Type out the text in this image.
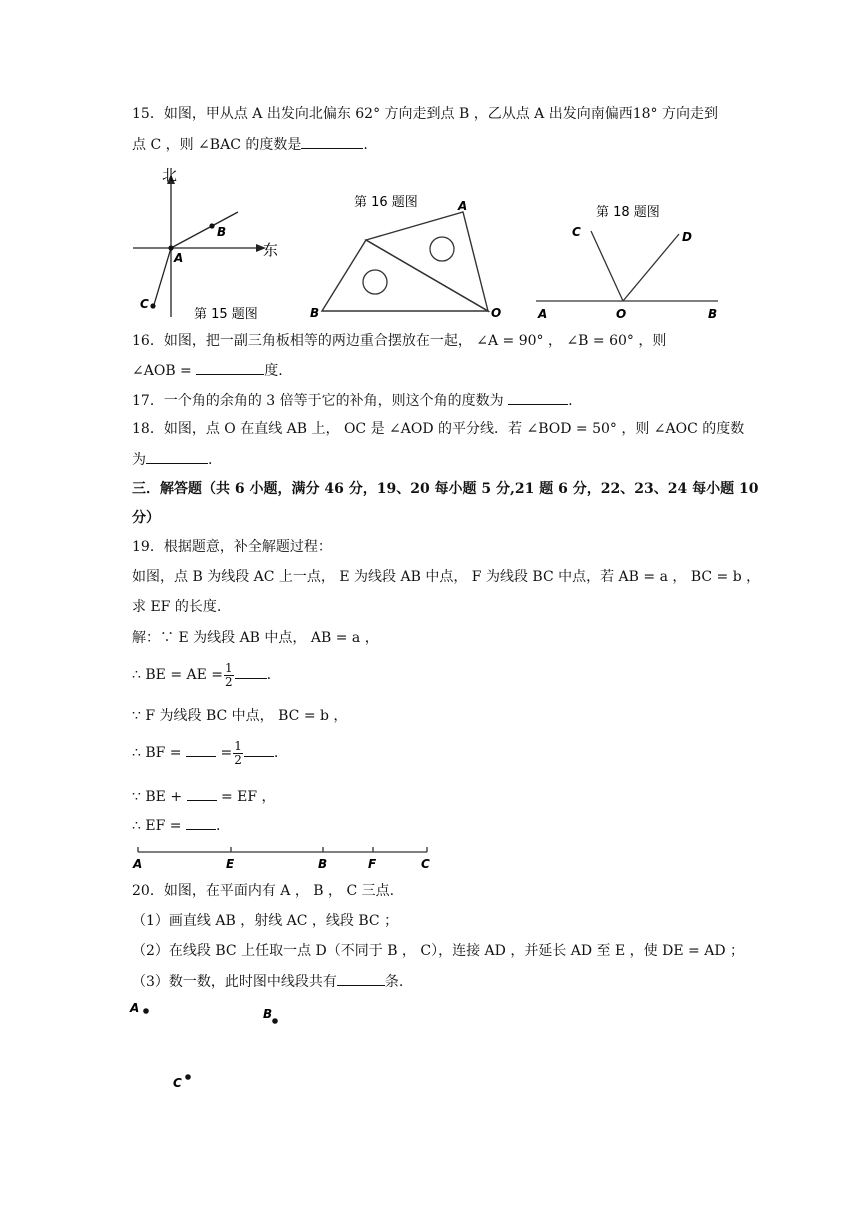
15．如图，甲从点 A 出发向北偏东 62° 方向走到点 B ，乙从点 A 出发向南偏西18° 方向走到
点 C ，则 ∠BAC 的度数是	.
北
东
A
B
C
第 15 题图
第 16 题图	A
B	O
第 18 题图
C	D
A	O	B
16．如图，把一副三角板相等的两边重合摆放在一起， ∠A = 90° ， ∠B = 60° ，则
∠AOB =	度.
17．一个角的余角的 3 倍等于它的补角，则这个角的度数为	.
18．如图，点 O 在直线 AB 上， OC 是 ∠AOD 的平分线．若 ∠BOD = 50° ，则 ∠AOC 的度数
为	.
三．解答题（共 6 小题，满分 46 分，19、20 每小题 5 分,21 题 6 分，22、23、24 每小题 10
分）
19．根据题意，补全解题过程：
如图，点 B 为线段 AC 上一点， E 为线段 AB 中点， F 为线段 BC 中点，若 AB = a ， BC = b ，
求 EF 的长度.
解：∵ E 为线段 AB 中点， AB = a ，
∴ BE = AE = $\frac{1}{2}$ .
∵ F 为线段 BC 中点， BC = b ，
∴ BF =	= $\frac{1}{2}$ .
∵ BE +	= EF ，
∴ EF = .
A	E	B	F	C
20．如图，在平面内有 A ， B ， C 三点.
（1）画直线 AB ，射线 AC ，线段 BC ；
（2）在线段 BC 上任取一点 D（不同于 B ， C），连接 AD ，并延长 AD 至 E ，使 DE = AD ；
（3）数一数，此时图中线段共有	条.
A	B
C
